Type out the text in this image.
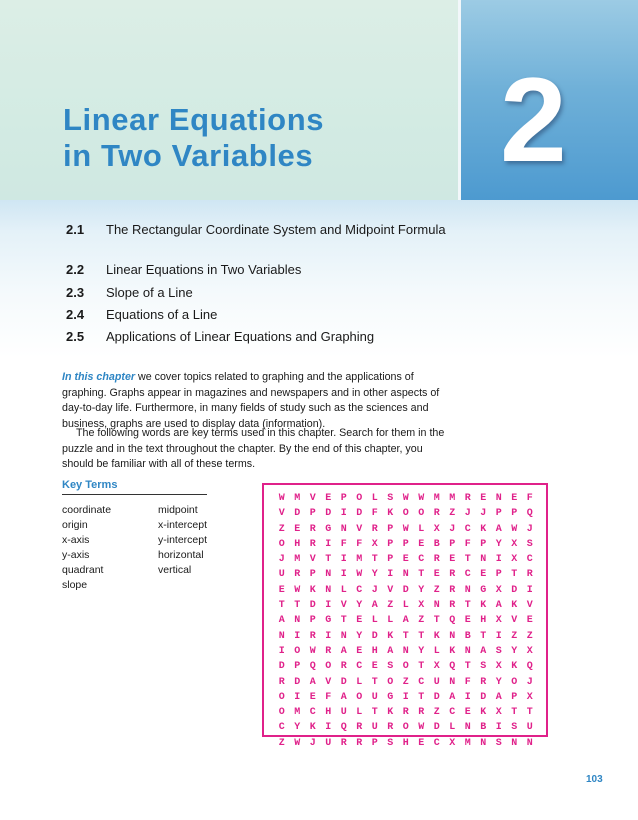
Linear Equations
in Two Variables 2
2.1 The Rectangular Coordinate System and Midpoint Formula
2.2 Linear Equations in Two Variables
2.3 Slope of a Line
2.4 Equations of a Line
2.5 Applications of Linear Equations and Graphing

In this chapter we cover topics related to graphing and the applications of graphing. Graphs appear in magazines and newspapers and in other aspects of day-to-day life. Furthermore, in many fields of study such as the sciences and business, graphs are used to display data (information).

The following words are key terms used in this chapter. Search for them in the puzzle and in the text throughout the chapter. By the end of this chapter, you should be familiar with all of these terms.

Key Terms
coordinate
origin
x-axis
y-axis
quadrant
slope
midpoint
x-intercept
y-intercept
horizontal
vertical
W M V E P O L S W W M M R E N E F
V D P D I D F K O O R Z J J P P Q
Z E R G N V R P W L X J C K A W J
O H R I F F X P P E B P F P Y X S
J M V T I M T P E C R E T N I X C
U R P N I W Y I N T E R C E P T R
E W K N L C J V D Y Z R N G X D I
T T D I V Y A Z L X N R T K A K V
A N P G T E L L A Z T Q E H X V E
N I R I N Y D K T T K N B T I Z Z
I O W R A E H A N Y L K N A S Y X
D P Q O R C E S O T X Q T S X K Q
R D A V D L T O Z C U N F R Y O J
O I E F A O U G I T D A I D A P X
O M C H U L T K R R Z C E K X T T
C Y K I Q R U R O W D L N B I S U
Z W J U R R P S H E C X M N S N N
103
